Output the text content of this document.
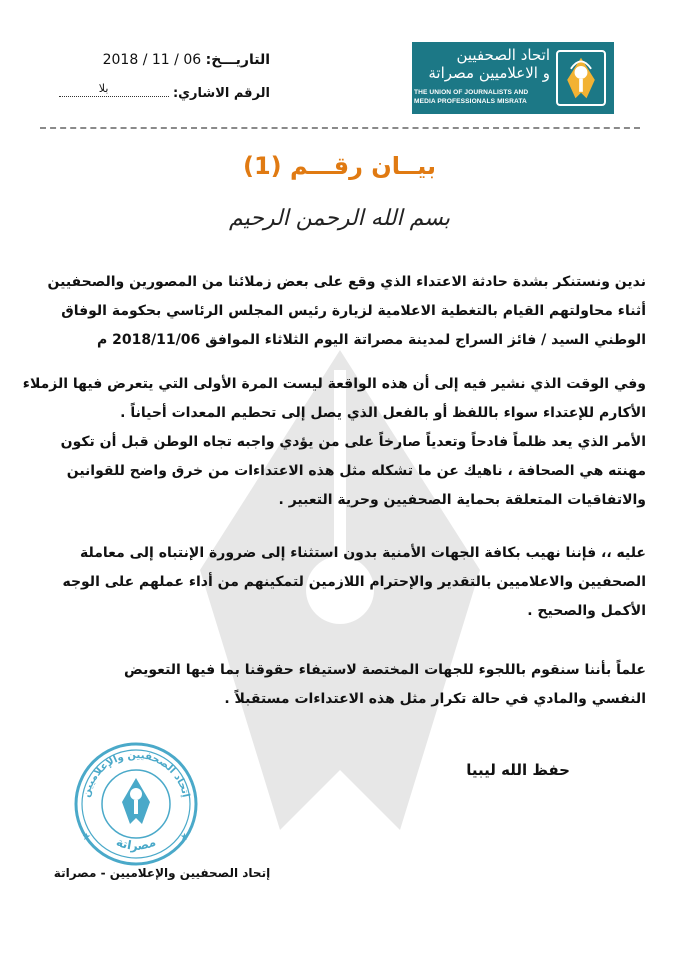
اتحاد الصحفيين
و الاعلاميين مصراتة
THE UNION OF JOURNALISTS AND
MEDIA PROFESSIONALS MISRATA
التاريـــخ: 06 / 11 / 2018
الرقم الاشاري:
بلا
بيــان رقـــم (1)
بسم الله الرحمن الرحيم
ندين ونستنكر بشدة حادثة الاعتداء الذي وقع على بعض زملائنا من المصورين والصحفيين
أثناء محاولتهم القيام بالتغطية الاعلامية لزيارة رئيس المجلس الرئاسي بحكومة الوفاق
الوطني السيد / فائز السراج لمدينة مصراتة اليوم الثلاثاء الموافق 2018/11/06 م
وفي الوقت الذي نشير فيه إلى أن هذه الواقعة ليست المرة الأولى التي يتعرض فيها الزملاء
الأكارم للإعتداء سواء باللفظ أو بالفعل الذي يصل إلى تحطيم المعدات أحياناً .
الأمر الذي يعد ظلماً فادحاً وتعدياً صارخاً على من يؤدي واجبه تجاه الوطن قبل أن تكون
مهنته هي الصحافة ، ناهيك عن ما تشكله مثل هذه الاعتداءات من خرق واضح للقوانين
والاتفاقيات المتعلقة بحماية الصحفيين وحرية التعبير .
عليه ،، فإننا نهيب بكافة الجهات الأمنية بدون استثناء إلى ضرورة الإنتباه إلى معاملة
الصحفيين والاعلاميين بالتقدير والإحترام اللازمين لتمكينهم من أداء عملهم على الوجه
الأكمل والصحيح .
علماً بأننا سنقوم باللجوء للجهات المختصة لاستيفاء حقوقنا بما فيها التعويض
النفسي والمادي في حالة تكرار مثل هذه الاعتداءات مستقبلاً .
حفظ الله ليبيا
إتحاد الصحفيين والإعلاميين
مصراتة
★	★
إتحاد الصحفيين والإعلاميين - مصراتة
